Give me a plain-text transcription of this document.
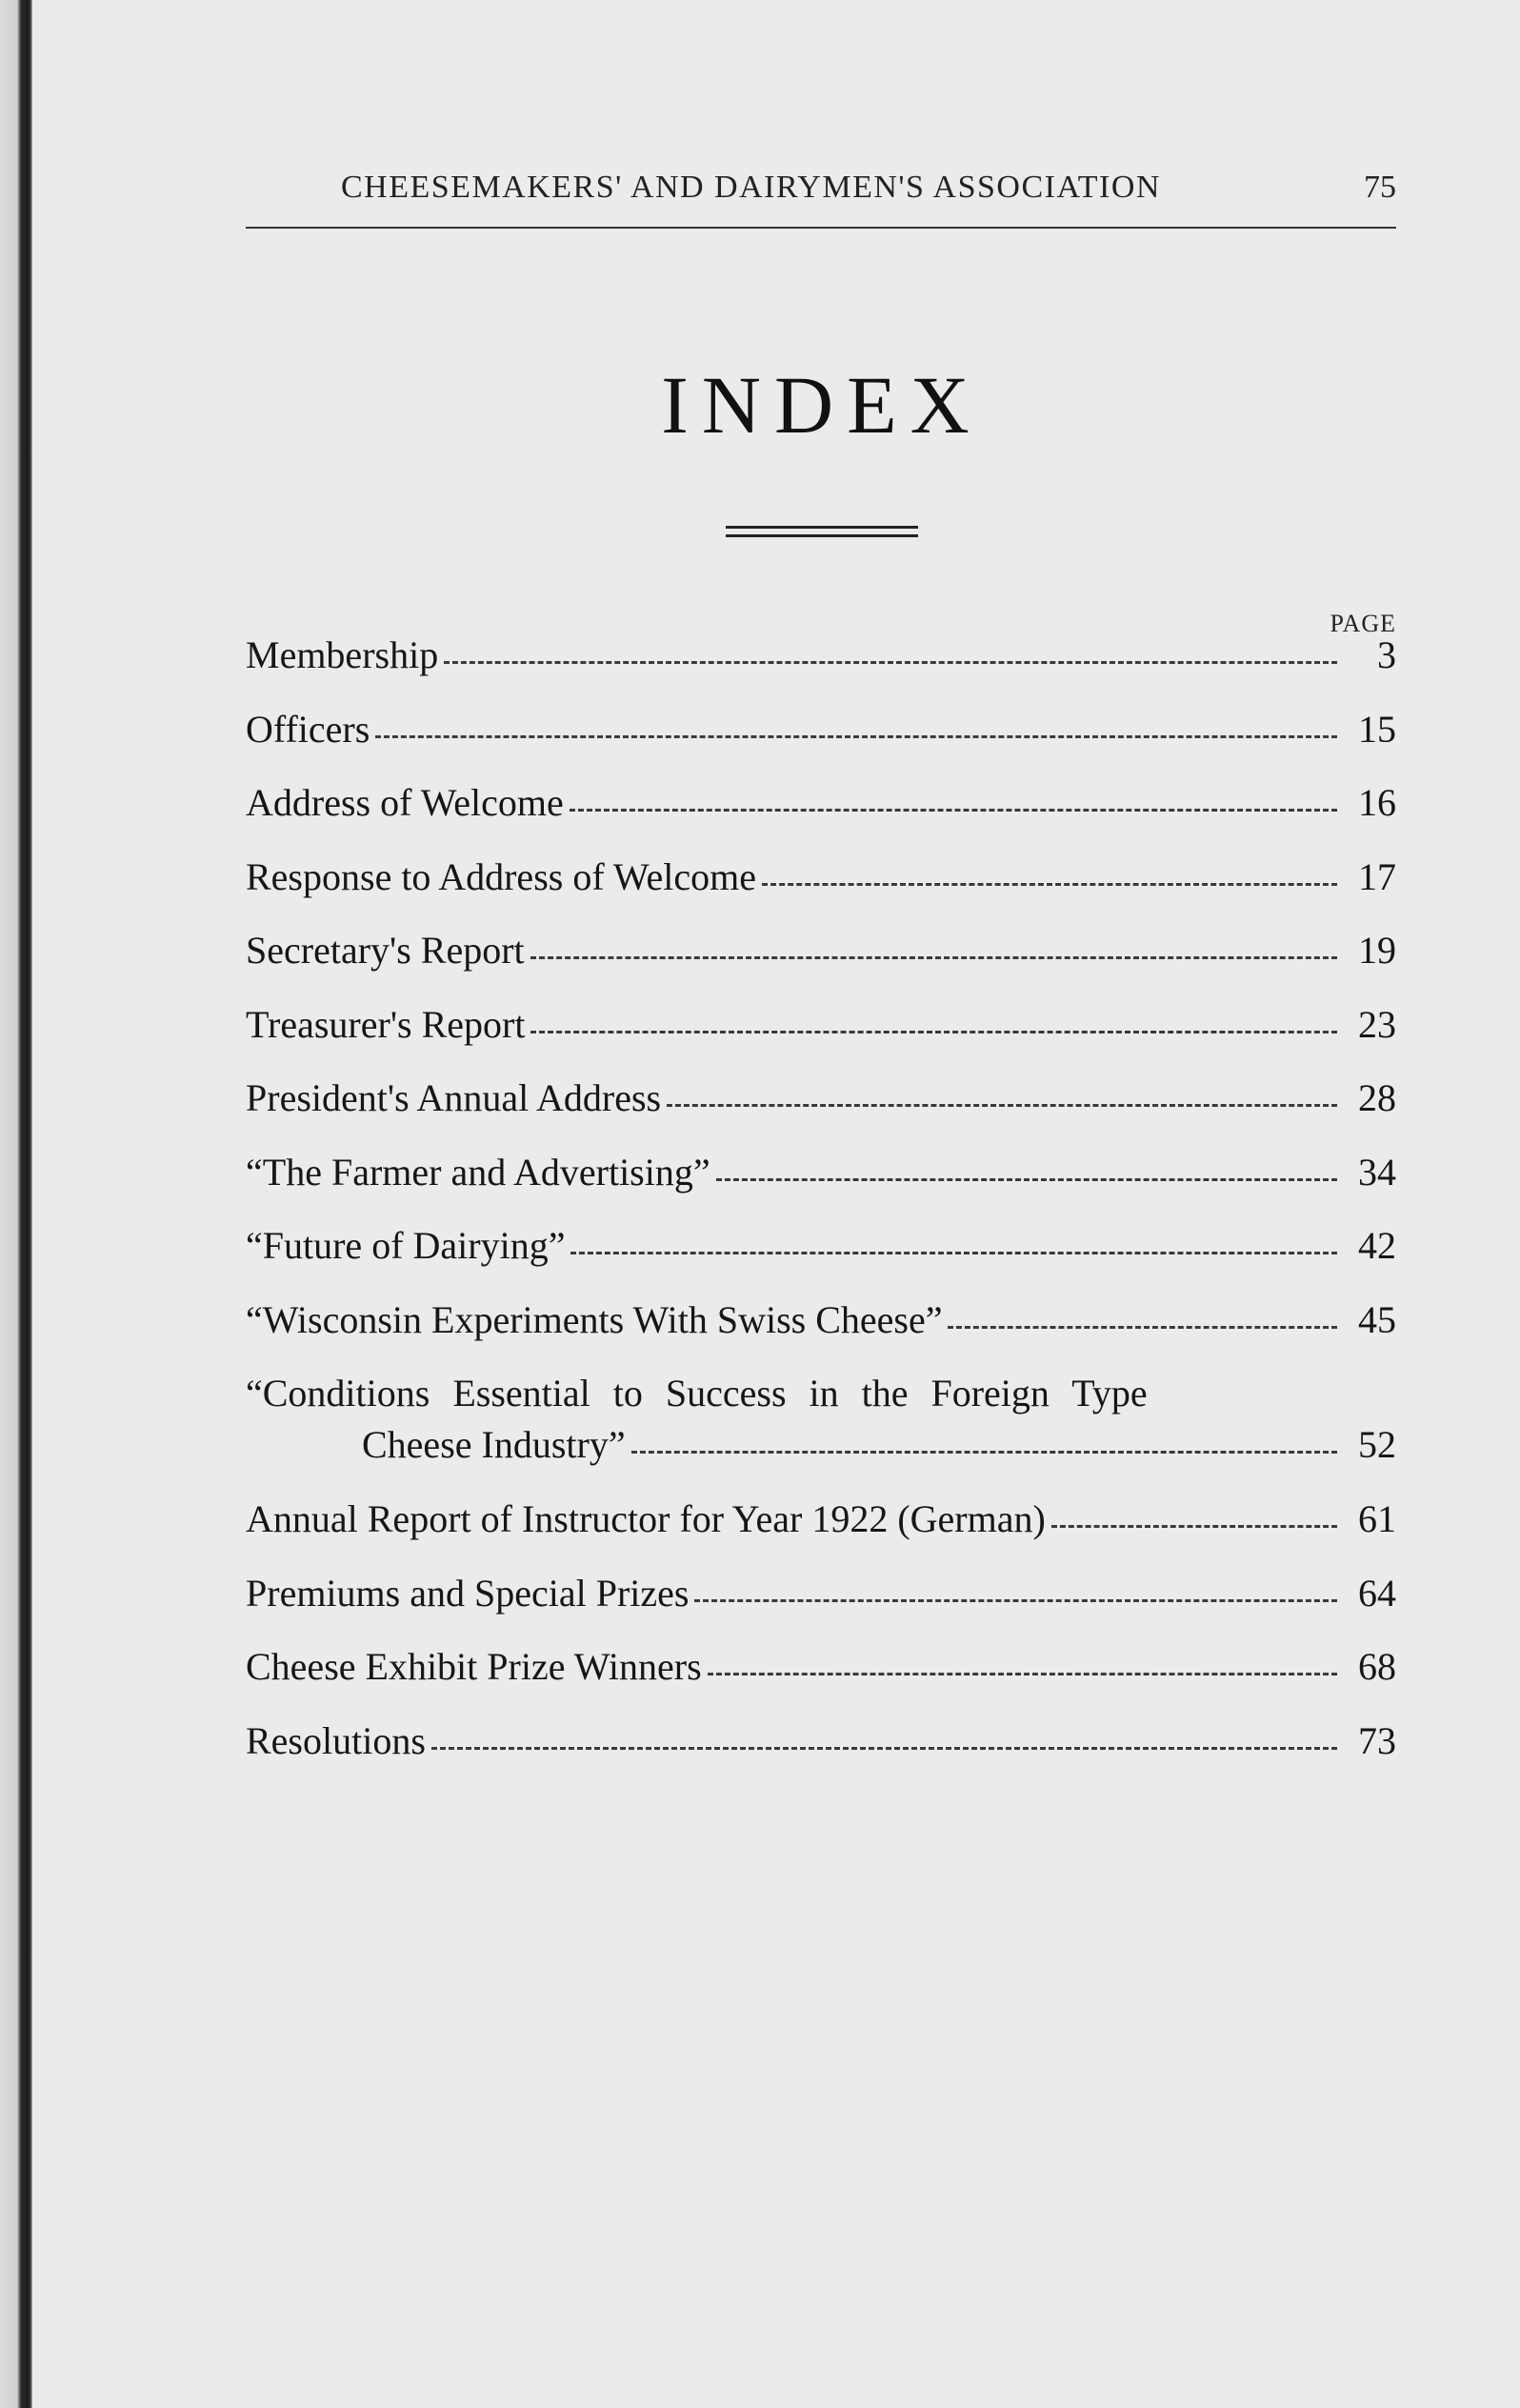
CHEESEMAKERS' AND DAIRYMEN'S ASSOCIATION	75
INDEX
PAGE
Membership	3
Officers	15
Address of Welcome	16
Response to Address of Welcome	17
Secretary's Report	19
Treasurer's Report	23
President's Annual Address	28
“The Farmer and Advertising”	34
“Future of Dairying”	42
“Wisconsin Experiments With Swiss Cheese”	45
“Conditions Essential to Success in the Foreign Type
Cheese Industry”	52
Annual Report of Instructor for Year 1922 (German)	61
Premiums and Special Prizes	64
Cheese Exhibit Prize Winners	68
Resolutions	73
